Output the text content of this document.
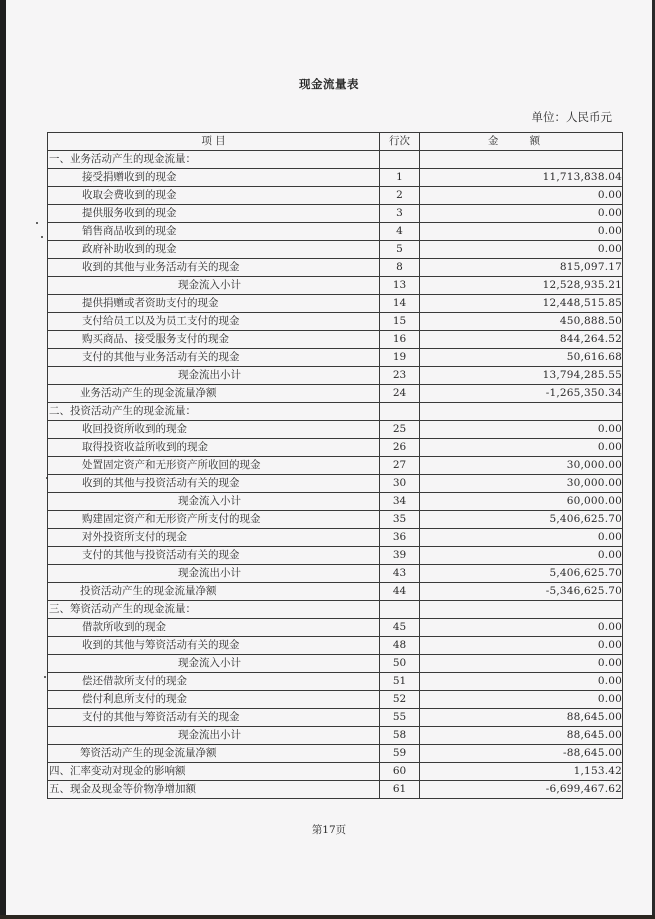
现金流量表
单位：人民币元
项 目	行次	金 额
一、业务活动产生的现金流量：		
接受捐赠收到的现金	1	11,713,838.04
收取会费收到的现金	2	0.00
提供服务收到的现金	3	0.00
销售商品收到的现金	4	0.00
政府补助收到的现金	5	0.00
收到的其他与业务活动有关的现金	8	815,097.17
现金流入小计	13	12,528,935.21
提供捐赠或者资助支付的现金	14	12,448,515.85
支付给员工以及为员工支付的现金	15	450,888.50
购买商品、接受服务支付的现金	16	844,264.52
支付的其他与业务活动有关的现金	19	50,616.68
现金流出小计	23	13,794,285.55
业务活动产生的现金流量净额	24	-1,265,350.34
二、投资活动产生的现金流量：		
收回投资所收到的现金	25	0.00
取得投资收益所收到的现金	26	0.00
处置固定资产和无形资产所收回的现金	27	30,000.00
收到的其他与投资活动有关的现金	30	30,000.00
现金流入小计	34	60,000.00
购建固定资产和无形资产所支付的现金	35	5,406,625.70
对外投资所支付的现金	36	0.00
支付的其他与投资活动有关的现金	39	0.00
现金流出小计	43	5,406,625.70
投资活动产生的现金流量净额	44	-5,346,625.70
三、筹资活动产生的现金流量：		
借款所收到的现金	45	0.00
收到的其他与筹资活动有关的现金	48	0.00
现金流入小计	50	0.00
偿还借款所支付的现金	51	0.00
偿付利息所支付的现金	52	0.00
支付的其他与筹资活动有关的现金	55	88,645.00
现金流出小计	58	88,645.00
筹资活动产生的现金流量净额	59	-88,645.00
四、汇率变动对现金的影响额	60	1,153.42
五、现金及现金等价物净增加额	61	-6,699,467.62
第17页
